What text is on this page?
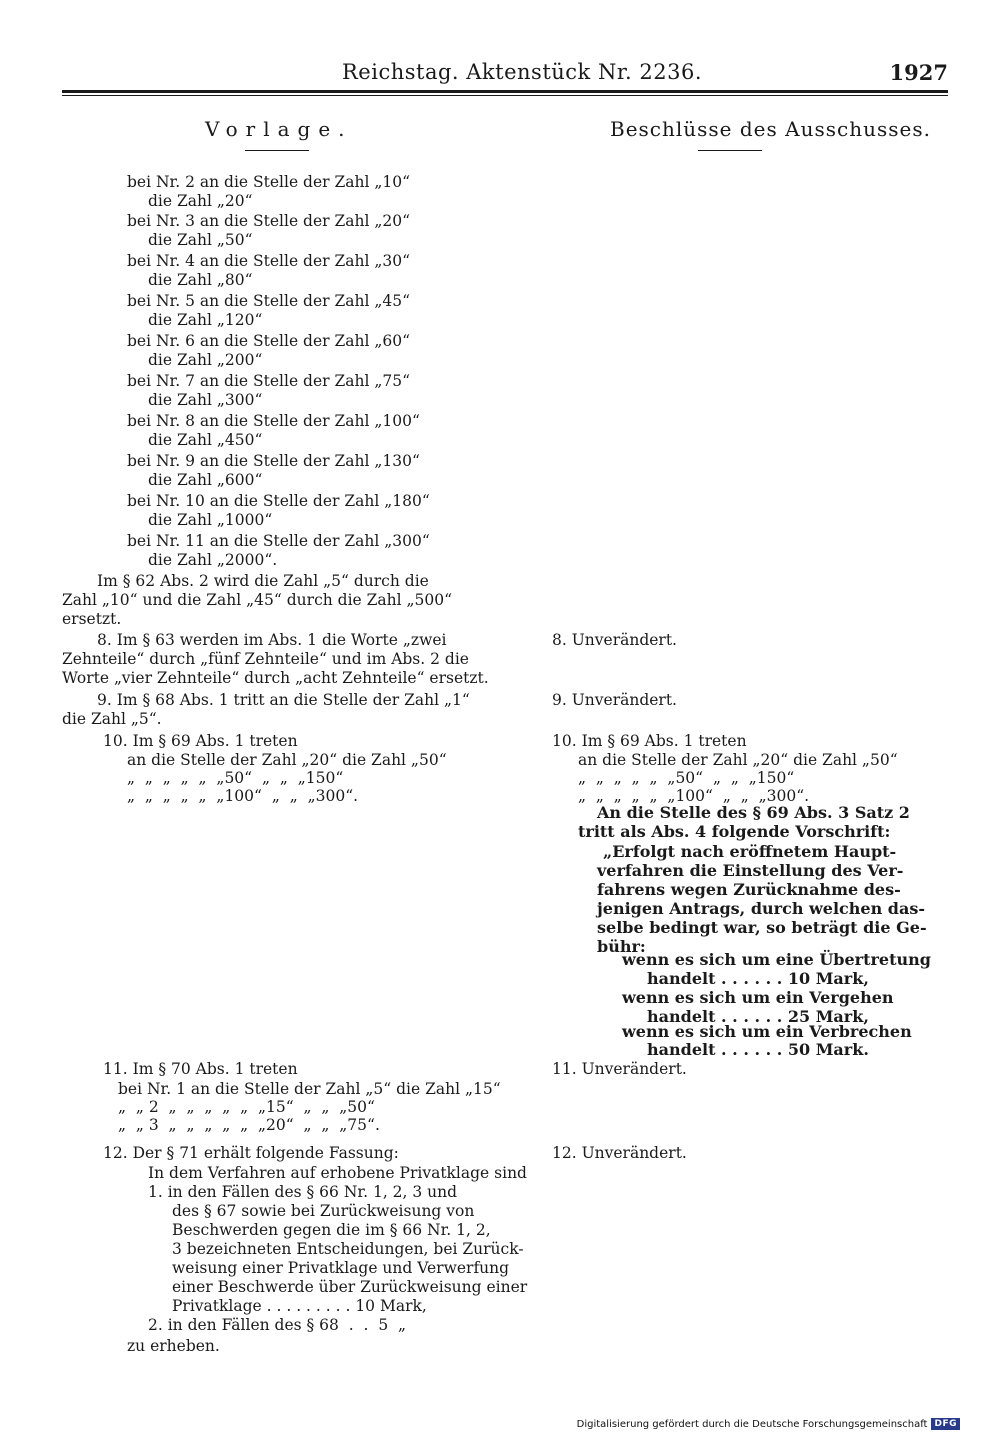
Reichstag. Aktenstück Nr. 2236.	1927
Vorlage.	Beschlüsse des Ausschusses.
bei Nr. 2 an die Stelle der Zahl „10“
die Zahl „20“
bei Nr. 3 an die Stelle der Zahl „20“
die Zahl „50“
bei Nr. 4 an die Stelle der Zahl „30“
die Zahl „80“
bei Nr. 5 an die Stelle der Zahl „45“
die Zahl „120“
bei Nr. 6 an die Stelle der Zahl „60“
die Zahl „200“
bei Nr. 7 an die Stelle der Zahl „75“
die Zahl „300“
bei Nr. 8 an die Stelle der Zahl „100“
die Zahl „450“
bei Nr. 9 an die Stelle der Zahl „130“
die Zahl „600“
bei Nr. 10 an die Stelle der Zahl „180“
die Zahl „1000“
bei Nr. 11 an die Stelle der Zahl „300“
die Zahl „2000“.
Im § 62 Abs. 2 wird die Zahl „5“ durch die
Zahl „10“ und die Zahl „45“ durch die Zahl „500“
ersetzt.
8. Im § 63 werden im Abs. 1 die Worte „zwei
Zehnteile“ durch „fünf Zehnteile“ und im Abs. 2 die
Worte „vier Zehnteile“ durch „acht Zehnteile“ ersetzt.
9. Im § 68 Abs. 1 tritt an die Stelle der Zahl „1“
die Zahl „5“.
10. Im § 69 Abs. 1 treten
an die Stelle der Zahl „20“ die Zahl „50“
„  „  „  „  „  „50“  „  „  „150“
„  „  „  „  „  „100“  „  „  „300“.
11. Im § 70 Abs. 1 treten
bei Nr. 1 an die Stelle der Zahl „5“ die Zahl „15“
„  „ 2  „  „  „  „  „  „15“  „  „  „50“
„  „ 3  „  „  „  „  „  „20“  „  „  „75“.
12. Der § 71 erhält folgende Fassung:
In dem Verfahren auf erhobene Privatklage sind
1. in den Fällen des § 66 Nr. 1, 2, 3 und
des § 67 sowie bei Zurückweisung von
Beschwerden gegen die im § 66 Nr. 1, 2,
3 bezeichneten Entscheidungen, bei Zurück-
weisung einer Privatklage und Verwerfung
einer Beschwerde über Zurückweisung einer
Privatklage . . . . . . . . . 10 Mark,
2. in den Fällen des § 68  .  .  5  „
zu erheben.
8. Unverändert.
9. Unverändert.
10. Im § 69 Abs. 1 treten
an die Stelle der Zahl „20“ die Zahl „50“
„  „  „  „  „  „50“  „  „  „150“
„  „  „  „  „  „100“  „  „  „300“.
An die Stelle des § 69 Abs. 3 Satz 2
tritt als Abs. 4 folgende Vorschrift:
„Erfolgt nach eröffnetem Haupt-
verfahren die Einstellung des Ver-
fahrens wegen Zurücknahme des-
jenigen Antrags, durch welchen das-
selbe bedingt war, so beträgt die Ge-
bühr:
wenn es sich um eine Übertretung
handelt . . . . . . 10 Mark,
wenn es sich um ein Vergehen
handelt . . . . . . 25 Mark,
wenn es sich um ein Verbrechen
handelt . . . . . . 50 Mark.
11. Unverändert.
12. Unverändert.
Digitalisierung gefördert durch die Deutsche Forschungsgemeinschaft DFG
